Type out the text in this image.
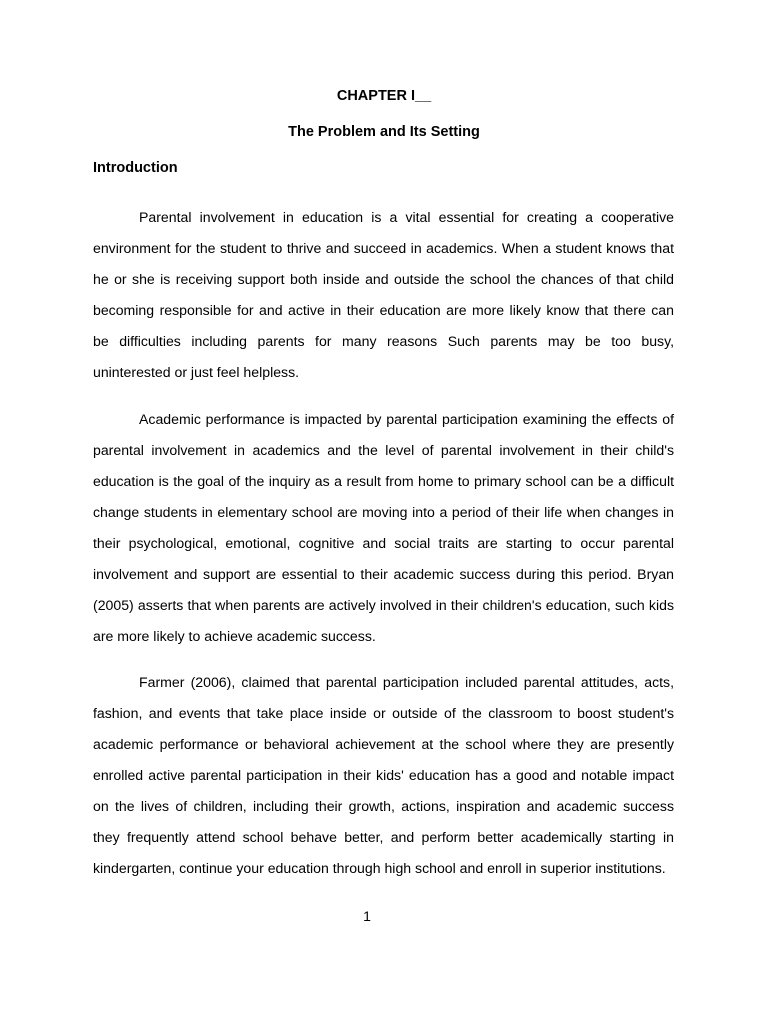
CHAPTER I__
The Problem and Its Setting
Introduction

Parental involvement in education is a vital essential for creating a cooperative
environment for the student to thrive and succeed in academics. When a student knows that
he or she is receiving support both inside and outside the school the chances of that child
becoming responsible for and active in their education are more likely know that there can
be difficulties including parents for many reasons Such parents may be too busy,
uninterested or just feel helpless.

Academic performance is impacted by parental participation examining the effects of
parental involvement in academics and the level of parental involvement in their child's
education is the goal of the inquiry as a result from home to primary school can be a difficult
change students in elementary school are moving into a period of their life when changes in
their psychological, emotional, cognitive and social traits are starting to occur parental
involvement and support are essential to their academic success during this period. Bryan
(2005) asserts that when parents are actively involved in their children's education, such kids
are more likely to achieve academic success.

Farmer (2006), claimed that parental participation included parental attitudes, acts,
fashion, and events that take place inside or outside of the classroom to boost student's
academic performance or behavioral achievement at the school where they are presently
enrolled active parental participation in their kids' education has a good and notable impact
on the lives of children, including their growth, actions, inspiration and academic success
they frequently attend school behave better, and perform better academically starting in
kindergarten, continue your education through high school and enroll in superior institutions.

1
